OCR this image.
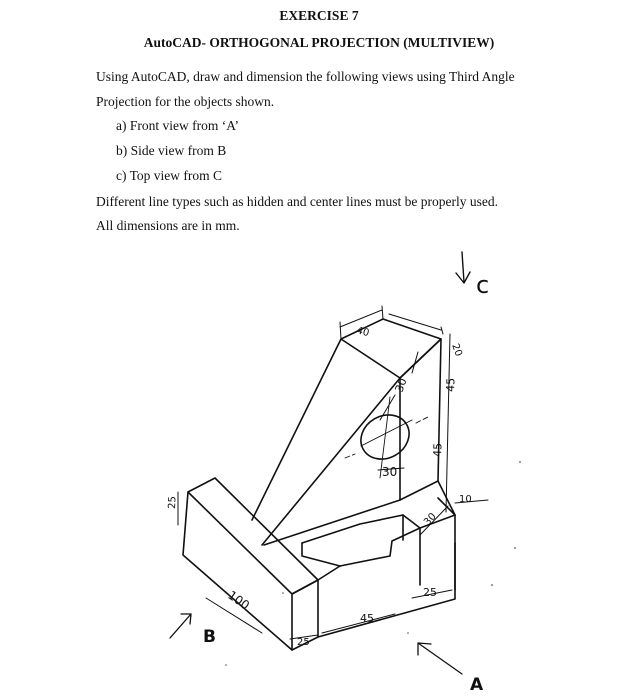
EXERCISE 7
AutoCAD- ORTHOGONAL PROJECTION (MULTIVIEW)
Using AutoCAD, draw and dimension the following views using Third Angle
Projection for the objects shown.
a) Front view from ‘A’
b) Side view from B
c) Top view from C
Different line types such as hidden and center lines must be properly used.
All dimensions are in mm.
c
40
20
30	45
45
30
25
100
30
10
25
25
45
B
A
